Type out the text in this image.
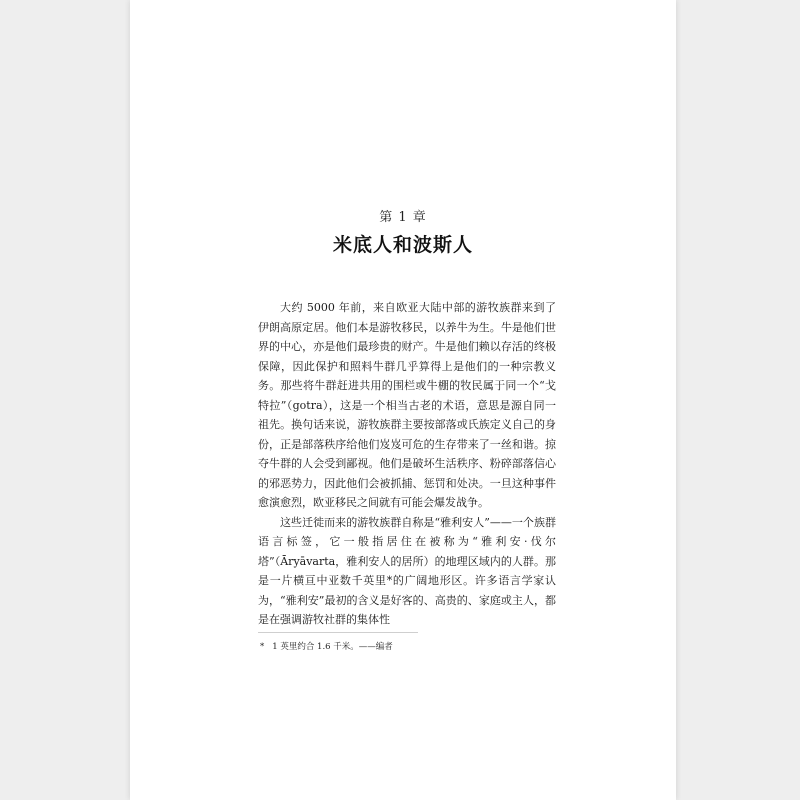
第 1 章
米底人和波斯人

大约 5000 年前，来自欧亚大陆中部的游牧族群来到了伊朗高原定居。他们本是游牧移民，以养牛为生。牛是他们世界的中心，亦是他们最珍贵的财产。牛是他们赖以存活的终极保障，因此保护和照料牛群几乎算得上是他们的一种宗教义务。那些将牛群赶进共用的围栏或牛棚的牧民属于同一个“戈特拉”（gotra），这是一个相当古老的术语，意思是源自同一祖先。换句话来说，游牧族群主要按部落或氏族定义自己的身份，正是部落秩序给他们岌岌可危的生存带来了一丝和谐。掠夺牛群的人会受到鄙视。他们是破坏生活秩序、粉碎部落信心的邪恶势力，因此他们会被抓捕、惩罚和处决。一旦这种事件愈演愈烈，欧亚移民之间就有可能会爆发战争。

这些迁徙而来的游牧族群自称是“雅利安人”——一个族群语言标签，它一般指居住在被称为“雅利安·伐尔塔”（Āryāvarta，雅利安人的居所）的地理区域内的人群。那是一片横亘中亚数千英里*的广阔地形区。许多语言学家认为，“雅利安”最初的含义是好客的、高贵的、家庭或主人，都是在强调游牧社群的集体性

* 1 英里约合 1.6 千米。——编者
